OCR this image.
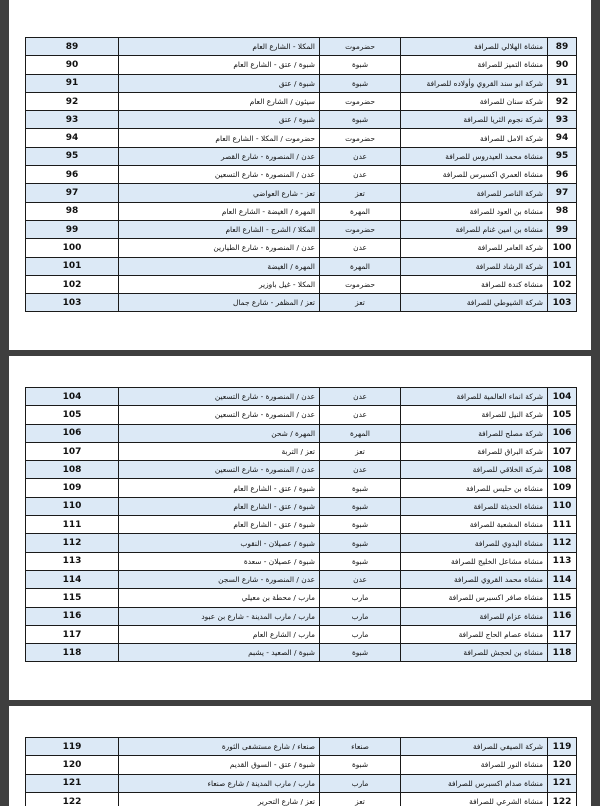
89	منشاة الهلالي للصرافة	حضرموت	المكلا - الشارع العام	89
90	منشاة التميز للصرافة	شبوة	شبوة / عتق - الشارع العام	90
91	شركة ابو سند القروي وأولاده للصرافة	شبوة	شبوة / عتق	91
92	شركة سنان للصرافة	حضرموت	سيئون / الشارع العام	92
93	شركة نجوم الثريا للصرافة	شبوة	شبوة / عتق	93
94	شركة الامل للصرافة	حضرموت	حضرموت / المكلا - الشارع العام	94
95	منشاة محمد العيدروس للصرافة	عدن	عدن / المنصورة - شارع القصر	95
96	منشاة العمري اكسبرس للصرافة	عدن	عدن / المنصورة - شارع التسعين	96
97	شركة الناصر للصرافة	تعز	تعز - شارع العواضي	97
98	منشاة بن العود للصرافة	المهرة	المهرة / الغيضة - الشارع العام	98
99	منشاة بن امين غنام للصرافة	حضرموت	المكلا / الشرج - الشارع العام	99
100	شركة العامر للصرافة	عدن	عدن / المنصورة - شارع الطيارين	100
101	شركة الرشاد للصرافة	المهرة	المهرة / الغيضة	101
102	منشاة كندة للصرافة	حضرموت	المكلا - غيل باوزير	102
103	شركة الشيوطي للصرافة	تعز	تعز / المظفر - شارع جمال	103
104	شركة انماء العالمية للصرافة	عدن	عدن / المنصورة - شارع التسعين	104
105	شركة النيل للصرافة	عدن	عدن / المنصورة - شارع التسعين	105
106	شركة مصلح للصرافة	المهرة	المهرة / شحن	106
107	شركة البراق للصرافة	تعز	تعز / التربة	107
108	شركة الخلاقي للصرافة	عدن	عدن / المنصورة - شارع التسعين	108
109	منشاة بن حليس للصرافة	شبوة	شبوة / عتق - الشارع العام	109
110	منشاة الحديثة للصرافة	شبوة	شبوة / عتق - الشارع العام	110
111	منشاة المشعبة للصرافة	شبوة	شبوة / عتق - الشارع العام	111
112	منشاة البدوي للصرافة	شبوة	شبوة / عصيلان - النقوب	112
113	منشاة مشاعل الخليج للصرافة	شبوة	شبوة / عصيلان - سعدة	113
114	منشاة محمد القروي للصرافة	عدن	عدن / المنصورة - شارع السجن	114
115	منشاة صافر اكسبرس للصرافة	مارب	مارب / محطة بن معيلي	115
116	منشاة عزام للصرافة	مارب	مارب / مارب المدينة - شارع بن عبود	116
117	منشاة عصام الحاج للصرافة	مارب	مارب / الشارع العام	117
118	منشاة بن لحجش للصرافة	شبوة	شبوة / الصعيد - يشبم	118
119	شركة الصيفي للصرافة	صنعاء	صنعاء / شارع مستشفى الثورة	119
120	منشاة النور للصرافة	شبوة	شبوة / عتق - السوق القديم	120
121	منشاة صدام اكسبرس للصرافة	مارب	مارب / مارب المدينة / شارع صنعاء	121
122	منشاة الشرعي للصرافة	تعز	تعز / شارع التحرير	122
